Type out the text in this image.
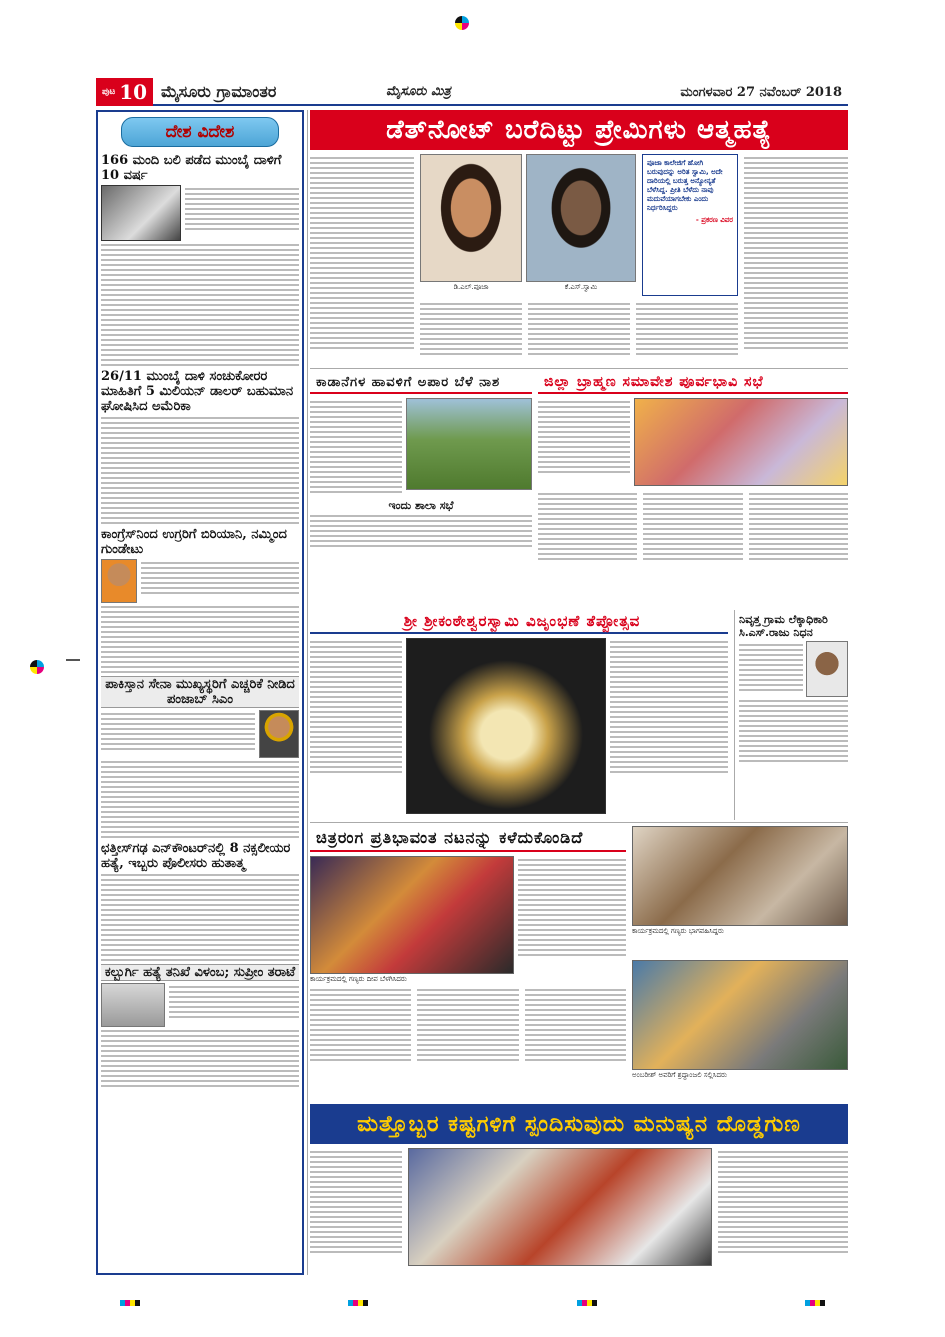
ಪುಟ 10 ಮೈಸೂರು ಗ್ರಾಮಾಂತರ	ಮೈಸೂರು ಮಿತ್ರ	ಮಂಗಳವಾರ 27 ನವೆಂಬರ್ 2018
ದೇಶ ವಿದೇಶ
166 ಮಂದಿ ಬಲಿ ಪಡೆದ ಮುಂಬೈ ದಾಳಿಗೆ 10 ವರ್ಷ
26/11 ಮುಂಬೈ ದಾಳಿ ಸಂಚುಕೋರರ ಮಾಹಿತಿಗೆ 5 ಮಿಲಿಯನ್ ಡಾಲರ್ ಬಹುಮಾನ ಘೋಷಿಸಿದ ಅಮೆರಿಕಾ
ಕಾಂಗ್ರೆಸ್‌ನಿಂದ ಉಗ್ರರಿಗೆ ಬಿರಿಯಾನಿ, ನಮ್ಮಿಂದ ಗುಂಡೇಟು
ಪಾಕಿಸ್ತಾನ ಸೇನಾ ಮುಖ್ಯಸ್ಥರಿಗೆ ಎಚ್ಚರಿಕೆ ನೀಡಿದ ಪಂಜಾಬ್ ಸಿಎಂ
ಛತ್ತೀಸ್‌ಗಢ ಎನ್‌ಕೌಂಟರ್‌ನಲ್ಲಿ 8 ನಕ್ಸಲೀಯರ ಹತ್ಯೆ, ಇಬ್ಬರು ಪೊಲೀಸರು ಹುತಾತ್ಮ
ಕಲ್ಬುರ್ಗಿ ಹತ್ಯೆ ತನಿಖೆ ವಿಳಂಬ; ಸುಪ್ರೀಂ ತರಾಟೆ
ಡೆತ್‌ನೋಟ್ ಬರೆದಿಟ್ಟು ಪ್ರೇಮಿಗಳು ಆತ್ಮಹತ್ಯೆ
ಡಿ.ಎಲ್.ಪೂಜಾ	ಕೆ.ಎಸ್.ಸ್ವಾಮಿ
ಪೂಜಾ ಕಾಲೇಜಿಗೆ ಹೋಗಿ ಬರುವುದನ್ನು ಅರಿತ ಸ್ವಾಮಿ, ಅದೇ ದಾರಿಯಲ್ಲಿ ಬರುತ್ತ ಅನ್ಯೋನ್ಯತೆ ಬೆಳೆಸಿದ್ದ. ಪ್ರೀತಿ ಬೆಳೆದು ನಾವು ಮದುವೆಯಾಗಬೇಕು ಎಂದು ನಿರ್ಧರಿಸಿದ್ದರು
- ಪ್ರಕರಣ ವಿವರ
ಕಾಡಾನೆಗಳ ಹಾವಳಿಗೆ ಅಪಾರ ಬೆಳೆ ನಾಶ
ಇಂದು ಶಾಲಾ ಸಭೆ
ಜಿಲ್ಲಾ ಬ್ರಾಹ್ಮಣ ಸಮಾವೇಶ ಪೂರ್ವಭಾವಿ ಸಭೆ
ಶ್ರೀ ಶ್ರೀಕಂಠೇಶ್ವರಸ್ವಾಮಿ ವಿಜೃಂಭಣೆ ತೆಪ್ಪೋತ್ಸವ	ನಿವೃತ್ತ ಗ್ರಾಮ ಲೆಕ್ಕಾಧಿಕಾರಿ ಸಿ.ಎಸ್.ರಾಜು ನಿಧನ
ಚಿತ್ರರಂಗ ಪ್ರತಿಭಾವಂತ ನಟನನ್ನು ಕಳೆದುಕೊಂಡಿದೆ
ಕಾರ್ಯಕ್ರಮದಲ್ಲಿ ಗಣ್ಯರು ದೀಪ ಬೆಳಗಿಸಿದರು
ಕಾರ್ಯಕ್ರಮದಲ್ಲಿ ಗಣ್ಯರು ಭಾಗವಹಿಸಿದ್ದರು
ಅಂಬರೀಶ್ ಅವರಿಗೆ ಶ್ರದ್ಧಾಂಜಲಿ ಸಲ್ಲಿಸಿದರು
ಮತ್ತೊಬ್ಬರ ಕಷ್ಟಗಳಿಗೆ ಸ್ಪಂದಿಸುವುದು ಮನುಷ್ಯನ ದೊಡ್ಡಗುಣ
